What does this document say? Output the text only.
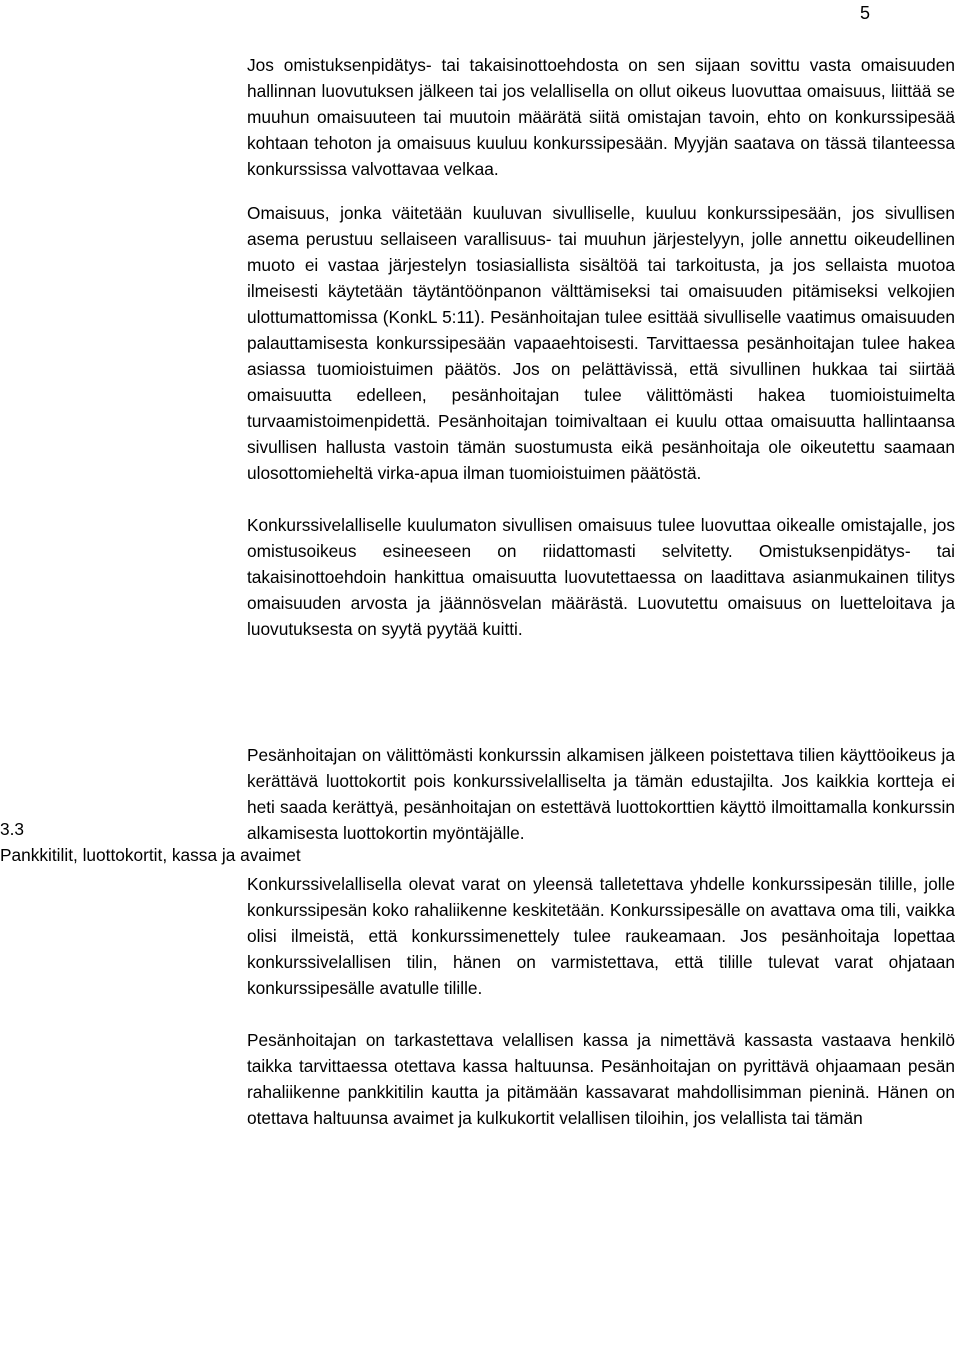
5

Jos omistuksenpidätys- tai takaisinottoehdosta on sen sijaan sovittu vasta omaisuuden hallinnan luovutuksen jälkeen tai jos velallisella on ollut oikeus luovuttaa omaisuus, liittää se muuhun omaisuuteen tai muutoin määrätä siitä omistajan tavoin, ehto on konkurssipesää kohtaan tehoton ja omaisuus kuuluu konkurssipesään. Myyjän saatava on tässä tilanteessa konkurssissa valvottavaa velkaa.

Omaisuus, jonka väitetään kuuluvan sivulliselle, kuuluu konkurssipesään, jos sivullisen asema perustuu sellaiseen varallisuus- tai muuhun järjestelyyn, jolle annettu oikeudellinen muoto ei vastaa järjestelyn tosiasiallista sisältöä tai tarkoitusta, ja jos sellaista muotoa ilmeisesti käytetään täytäntöönpanon välttämiseksi tai omaisuuden pitämiseksi velkojien ulottumattomissa (KonkL 5:11). Pesänhoitajan tulee esittää sivulliselle vaatimus omaisuuden palauttamisesta konkurssipesään vapaaehtoisesti. Tarvittaessa pesänhoitajan tulee hakea asiassa tuomioistuimen päätös. Jos on pelättävissä, että sivullinen hukkaa tai siirtää omaisuutta edelleen, pesänhoitajan tulee välittömästi hakea tuomioistuimelta turvaamistoimenpidettä. Pesänhoitajan toimivaltaan ei kuulu ottaa omaisuutta hallintaansa sivullisen hallusta vastoin tämän suostumusta eikä pesänhoitaja ole oikeutettu saamaan ulosottomieheltä virka-apua ilman tuomioistuimen päätöstä.

Konkurssivelalliselle kuulumaton sivullisen omaisuus tulee luovuttaa oikealle omistajalle, jos omistusoikeus esineeseen on riidattomasti selvitetty. Omistuksenpidätys- tai takaisinottoehdoin hankittua omaisuutta luovutettaessa on laadittava asianmukainen tilitys omaisuuden arvosta ja jäännösvelan määrästä. Luovutettu omaisuus on luetteloitava ja luovutuksesta on syytä pyytää kuitti.

Pesänhoitajan on välittömästi konkurssin alkamisen jälkeen poistettava tilien käyttöoikeus ja kerättävä luottokortit pois konkurssivelalliselta ja tämän edustajilta. Jos kaikkia kortteja ei heti saada kerättyä, pesänhoitajan on estettävä luottokorttien käyttö ilmoittamalla konkurssin alkamisesta luottokortin myöntäjälle.

Konkurssivelallisella olevat varat on yleensä talletettava yhdelle konkurssipesän tilille, jolle konkurssipesän koko rahaliikenne keskitetään. Konkurssipesälle on avattava oma tili, vaikka olisi ilmeistä, että konkurssimenettely tulee raukeamaan. Jos pesänhoitaja lopettaa konkurssivelallisen tilin, hänen on varmistettava, että tilille tulevat varat ohjataan konkurssipesälle avatulle tilille.

Pesänhoitajan on tarkastettava velallisen kassa ja nimettävä kassasta vastaava henkilö taikka tarvittaessa otettava kassa haltuunsa. Pesänhoitajan on pyrittävä ohjaamaan pesän rahaliikenne pankkitilin kautta ja pitämään kassavarat mahdollisimman pieninä. Hänen on otettava haltuunsa avaimet ja kulkukortit velallisen tiloihin, jos velallista tai tämän

3.3
Pankkitilit, luottokortit, kassa ja avaimet
